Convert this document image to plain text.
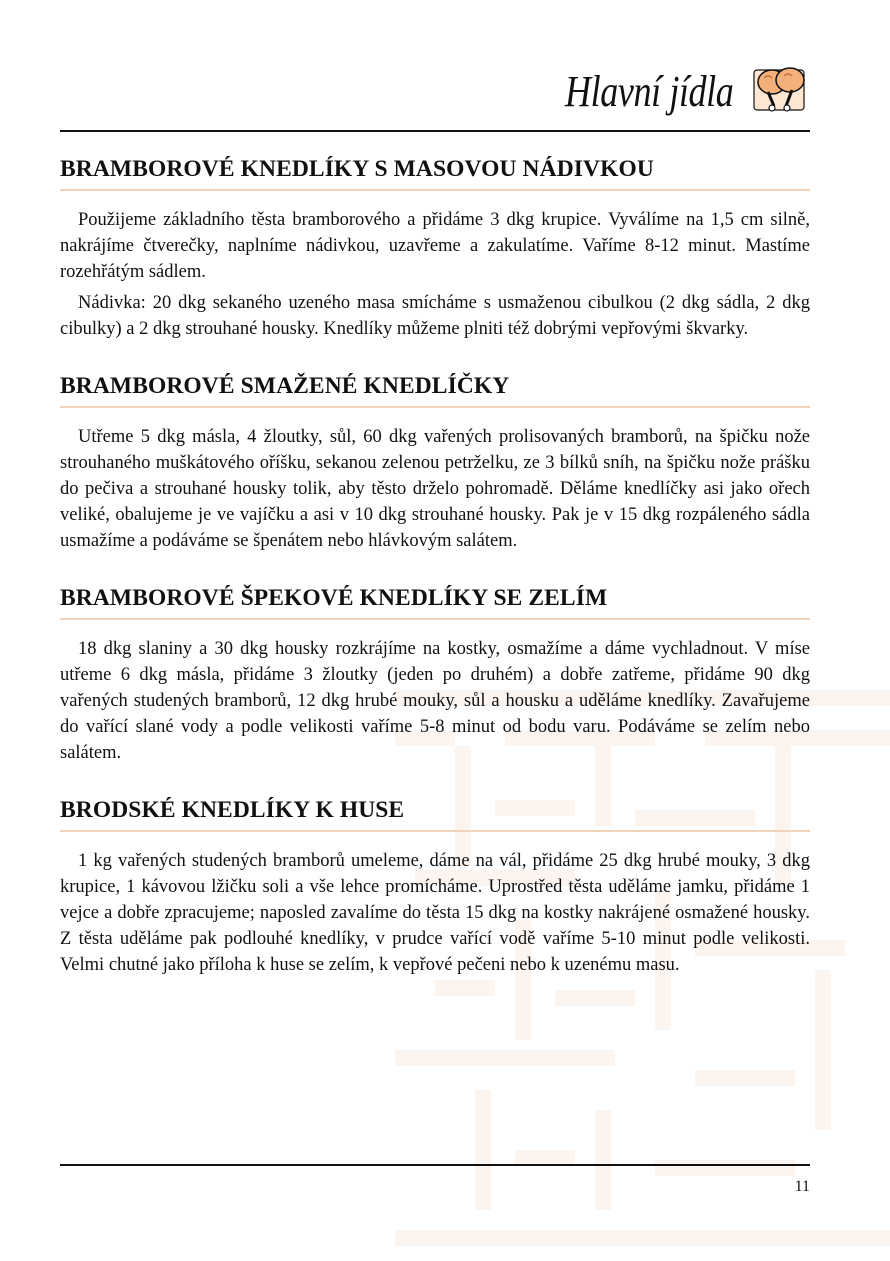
Hlavní jídla
BRAMBOROVÉ KNEDLÍKY S MASOVOU NÁDIVKOU

Použijeme základního těsta bramborového a přidáme 3 dkg krupice. Vyválíme na 1,5 cm silně, nakrájíme čtverečky, naplníme nádivkou, uzavřeme a zakulatíme. Vaříme 8-12 minut. Mastíme rozehřátým sádlem.

Nádivka: 20 dkg sekaného uzeného masa smícháme s usmaženou cibulkou (2 dkg sádla, 2 dkg cibulky) a 2 dkg strouhané housky. Knedlíky můžeme plniti též dobrými vepřovými škvarky.

BRAMBOROVÉ SMAŽENÉ KNEDLÍČKY

Utřeme 5 dkg másla, 4 žloutky, sůl, 60 dkg vařených prolisovaných bramborů, na špičku nože strouhaného muškátového oříšku, sekanou zelenou petrželku, ze 3 bílků sníh, na špičku nože prášku do pečiva a strouhané housky tolik, aby těsto drželo pohromadě. Děláme knedlíčky asi jako ořech veliké, obalujeme je ve vajíčku a asi v 10 dkg strouhané housky. Pak je v 15 dkg rozpáleného sádla usmažíme a podáváme se špenátem nebo hlávkovým salátem.

BRAMBOROVÉ ŠPEKOVÉ KNEDLÍKY SE ZELÍM

18 dkg slaniny a 30 dkg housky rozkrájíme na kostky, osmažíme a dáme vychladnout. V míse utřeme 6 dkg másla, přidáme 3 žloutky (jeden po druhém) a dobře zatřeme, přidáme 90 dkg vařených studených bramborů, 12 dkg hrubé mouky, sůl a housku a uděláme knedlíky. Zavařujeme do vařící slané vody a podle velikosti vaříme 5-8 minut od bodu varu. Podáváme se zelím nebo salátem.

BRODSKÉ KNEDLÍKY K HUSE

1 kg vařených studených bramborů umeleme, dáme na vál, přidáme 25 dkg hrubé mouky, 3 dkg krupice, 1 kávovou lžičku soli a vše lehce promícháme. Uprostřed těsta uděláme jamku, přidáme 1 vejce a dobře zpracujeme; naposled zavalíme do těsta 15 dkg na kostky nakrájené osmažené housky. Z těsta uděláme pak podlouhé knedlíky, v prudce vařící vodě vaříme 5-10 minut podle velikosti. Velmi chutné jako příloha k huse se zelím, k vepřové pečeni nebo k uzenému masu.

11
